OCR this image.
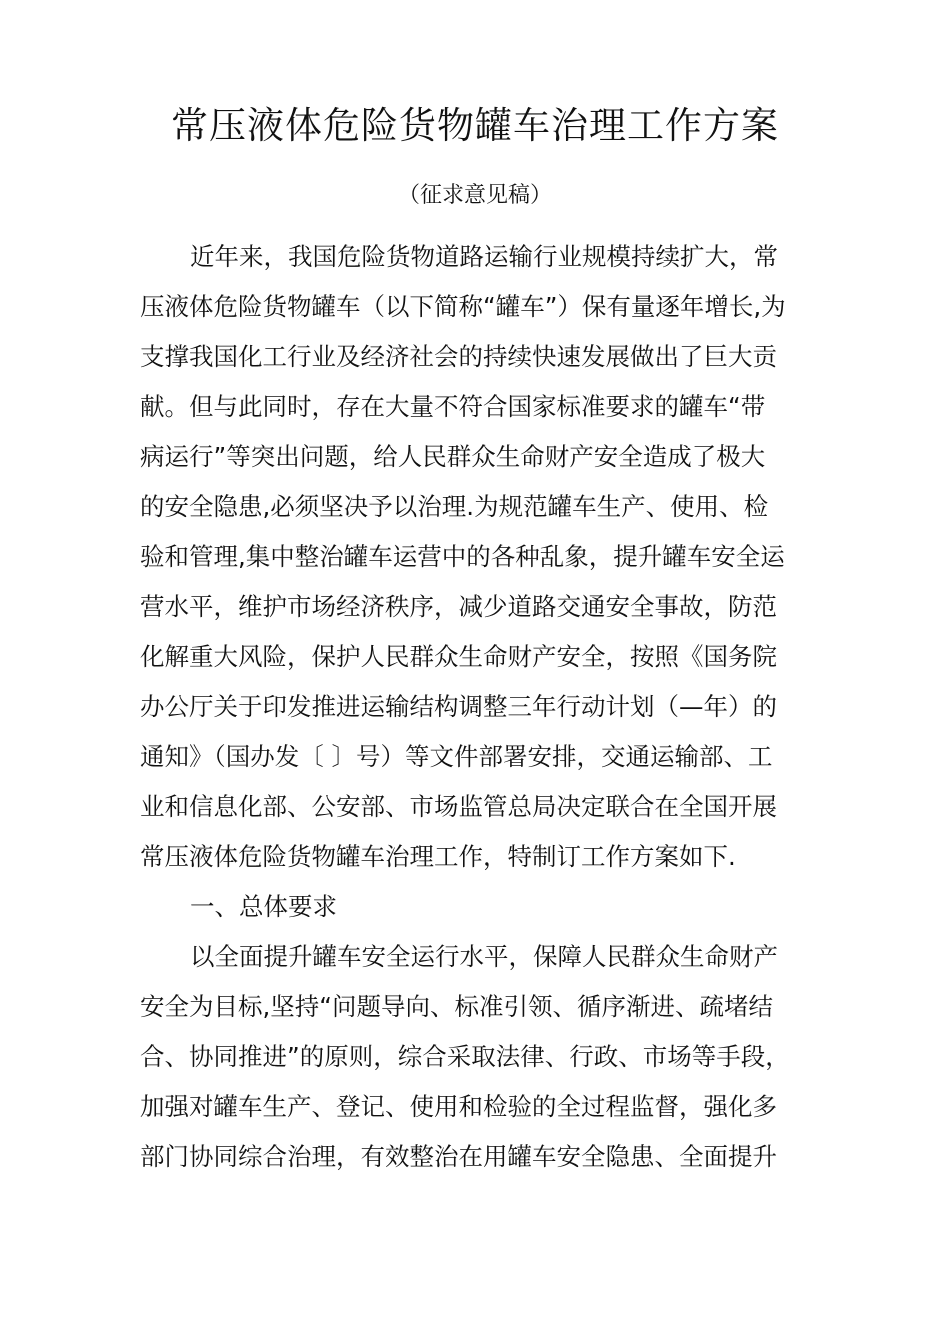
常压液体危险货物罐车治理工作方案

（征求意见稿）

近年来，我国危险货物道路运输行业规模持续扩大，常

压液体危险货物罐车（以下简称“罐车”）保有量逐年增长,为

支撑我国化工行业及经济社会的持续快速发展做出了巨大贡

献。但与此同时，存在大量不符合国家标准要求的罐车“带

病运行”等突出问题，给人民群众生命财产安全造成了极大

的安全隐患,必须坚决予以治理.为规范罐车生产、使用、检

验和管理,集中整治罐车运营中的各种乱象，提升罐车安全运

营水平，维护市场经济秩序，减少道路交通安全事故，防范

化解重大风险，保护人民群众生命财产安全，按照《国务院

办公厅关于印发推进运输结构调整三年行动计划（—年）的

通知》（国办发〔 〕号）等文件部署安排，交通运输部、工

业和信息化部、公安部、市场监管总局决定联合在全国开展

常压液体危险货物罐车治理工作，特制订工作方案如下.

一、总体要求

以全面提升罐车安全运行水平，保障人民群众生命财产

安全为目标,坚持“问题导向、标准引领、循序渐进、疏堵结

合、协同推进”的原则，综合采取法律、行政、市场等手段，

加强对罐车生产、登记、使用和检验的全过程监督，强化多

部门协同综合治理，有效整治在用罐车安全隐患、全面提升
